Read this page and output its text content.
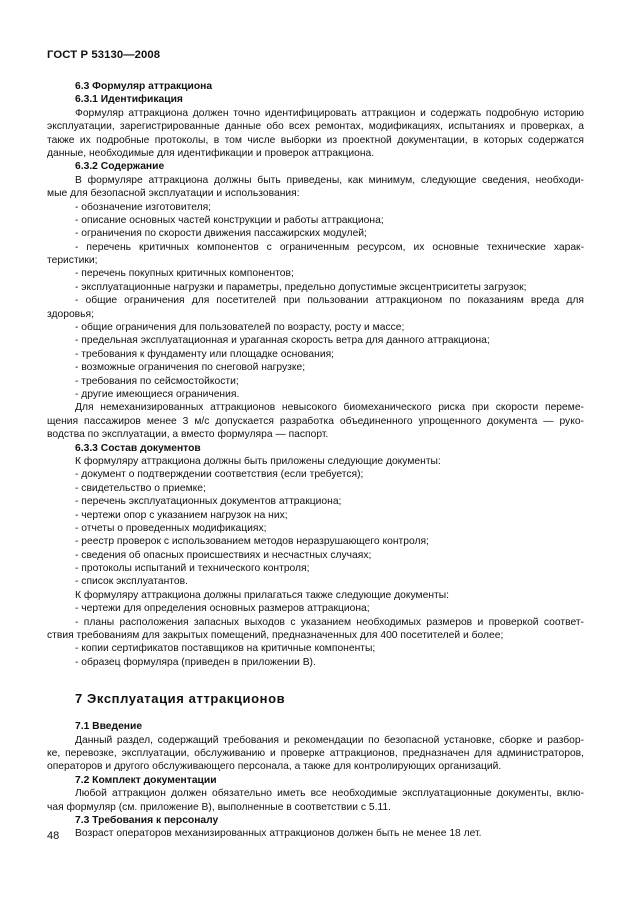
ГОСТ Р 53130—2008
6.3 Формуляр аттракциона
6.3.1 Идентификация
Формуляр аттракциона должен точно идентифицировать аттракцион и содержать подробную историю
эксплуатации, зарегистрированные данные обо всех ремонтах, модификациях, испытаниях и проверках, а
также их подробные протоколы, в том числе выборки из проектной документации, в которых содержатся
данные, необходимые для идентификации и проверок аттракциона.
6.3.2 Содержание
В формуляре аттракциона должны быть приведены, как минимум, следующие сведения, необходи-
мые для безопасной эксплуатации и использования:
- обозначение изготовителя;
- описание основных частей конструкции и работы аттракциона;
- ограничения по скорости движения пассажирских модулей;
- перечень критичных компонентов с ограниченным ресурсом, их основные технические харак-
теристики;
- перечень покупных критичных компонентов;
- эксплуатационные нагрузки и параметры, предельно допустимые эксцентриситеты загрузок;
- общие ограничения для посетителей при пользовании аттракционом по показаниям вреда для
здоровья;
- общие ограничения для пользователей по возрасту, росту и массе;
- предельная эксплуатационная и ураганная скорость ветра для данного аттракциона;
- требования к фундаменту или площадке основания;
- возможные ограничения по снеговой нагрузке;
- требования по сейсмостойкости;
- другие имеющиеся ограничения.
Для немеханизированных аттракционов невысокого биомеханического риска при скорости переме-
щения пассажиров менее 3 м/с допускается разработка объединенного упрощенного документа — руко-
водства по эксплуатации, а вместо формуляра — паспорт.
6.3.3 Состав документов
К формуляру аттракциона должны быть приложены следующие документы:
- документ о подтверждении соответствия (если требуется);
- свидетельство о приемке;
- перечень эксплуатационных документов аттракциона;
- чертежи опор с указанием нагрузок на них;
- отчеты о проведенных модификациях;
- реестр проверок с использованием методов неразрушающего контроля;
- сведения об опасных происшествиях и несчастных случаях;
- протоколы испытаний и технического контроля;
- список эксплуатантов.
К формуляру аттракциона должны прилагаться также следующие документы:
- чертежи для определения основных размеров аттракциона;
- планы расположения запасных выходов с указанием необходимых размеров и проверкой соответ-
ствия требованиям для закрытых помещений, предназначенных для 400 посетителей и более;
- копии сертификатов поставщиков на критичные компоненты;
- образец формуляра (приведен в приложении В).
7 Эксплуатация аттракционов
7.1 Введение
Данный раздел, содержащий требования и рекомендации по безопасной установке, сборке и разбор-
ке, перевозке, эксплуатации, обслуживанию и проверке аттракционов, предназначен для администраторов,
операторов и другого обслуживающего персонала, а также для контролирующих организаций.
7.2 Комплект документации
Любой аттракцион должен обязательно иметь все необходимые эксплуатационные документы, вклю-
чая формуляр (см. приложение В), выполненные в соответствии с 5.11.
7.3 Требования к персоналу
Возраст операторов механизированных аттракционов должен быть не менее 18 лет.
48
